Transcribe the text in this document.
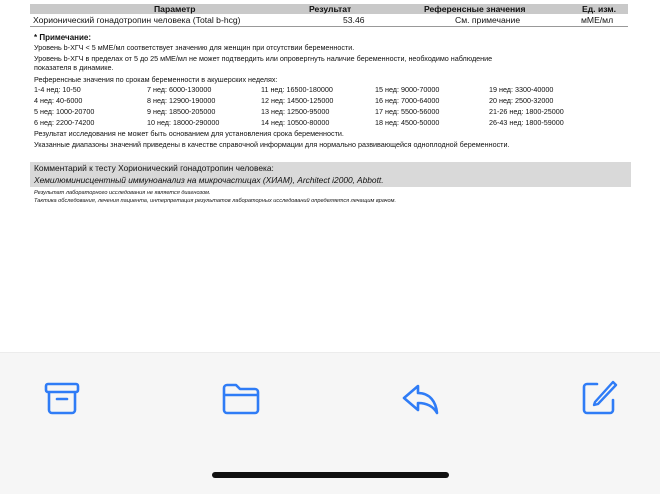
Параметр	Результат	Референсные значения	Ед. изм.
Хорионический гонадотропин человека (Total b-hcg)	53.46	См. примечание	мМЕ/мл
* Примечание:
Уровень b-ХГЧ < 5 мМЕ/мл соответствует значению для женщин при отсутствии беременности.
Уровень b-ХГЧ в пределах от 5 до 25 мМЕ/мл не может подтвердить или опровергнуть наличие беременности, необходимо наблюдение
показателя в динамике.
Референсные значения по срокам беременности в акушерских неделях:
1-4 нед: 10-50	7 нед: 6000-130000	11 нед: 16500-180000	15 нед: 9000-70000	19 нед: 3300-40000
4 нед: 40-6000	8 нед: 12900-190000	12 нед: 14500-125000	16 нед: 7000-64000	20 нед: 2500-32000
5 нед: 1000-20700	9 нед: 18500-205000	13 нед: 12500-95000	17 нед: 5500-56000	21-26 нед: 1800-25000
6 нед: 2200-74200	10 нед: 18000-290000	14 нед: 10500-80000	18 нед: 4500-50000	26-43 нед: 1800-59000
Результат исследования не может быть основанием для установления срока беременности.
Указанные диапазоны значений приведены в качестве справочной информации для нормально развивающейся одноплодной беременности.
Комментарий к тесту Хорионический гонадотропин человека:
Хемилюминисцентный иммуноанализ на микрочастицах (ХИАМ), Architect i2000, Abbott.
Результат лабораторного исследования не является диагнозом.
Тактика обследования, лечения пациента, интерпретация результатов лабораторных исследований определяется лечащим врачом.
